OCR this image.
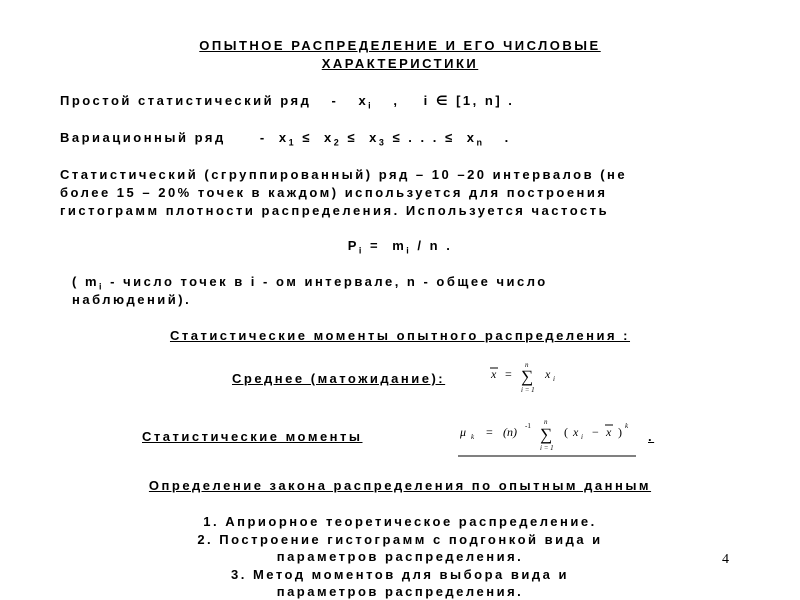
ОПЫТНОЕ РАСПРЕДЕЛЕНИЕ И ЕГО ЧИСЛОВЫЕ
ХАРАКТЕРИСТИКИ
Простой статистический ряд - $x_i$ , i ∈ [1, n] .
Вариационный ряд	- $x_1 \le x_2 \le x_3$ ≤ . . . ≤ $x_n$ .
Статистический (сгруппированный) ряд – 10 –20 интервалов (не
более 15 – 20% точек в каждом) используется для построения
гистограмм плотности распределения. Используется частость
$P_i = m_i / n$ .
( $m_i$ - число точек в i - ом интервале, n - общее число
наблюдений).
Статистические моменты опытного распределения :
Среднее (матожидание):	x =
n
∑
i = 1
x i
Статистические моменты	μ k = (n) -1 n
∑
i = 1
( x i − x ) k
.
Определение закона распределения по опытным данным
1. Априорное теоретическое распределение.
2. Построение гистограмм с подгонкой вида и
параметров распределения.
3. Метод моментов для выбора вида и
параметров распределения.
4
